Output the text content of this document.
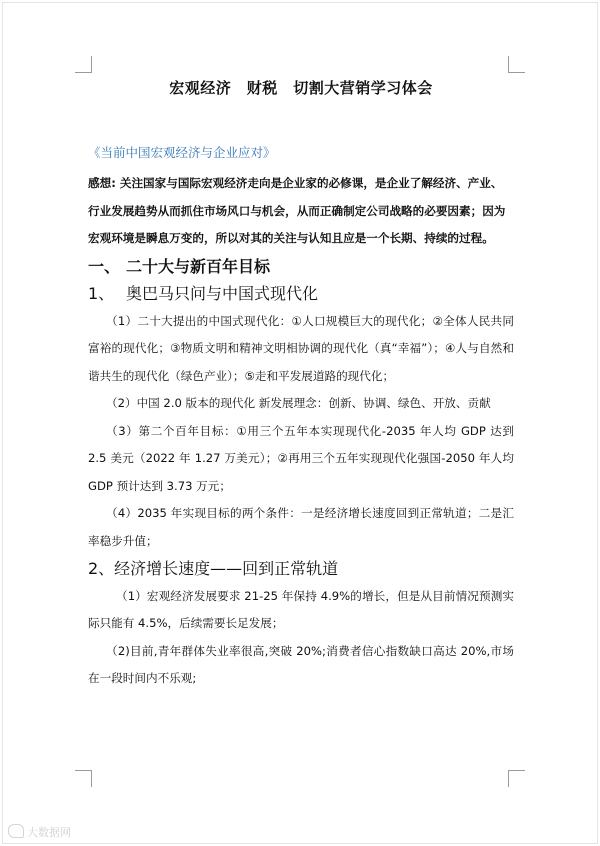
宏观经济　财税　切割大营销学习体会
《当前中国宏观经济与企业应对》

感想: 关注国家与国际宏观经济走向是企业家的必修课，是企业了解经济、产业、行业发展趋势从而抓住市场风口与机会，从而正确制定公司战略的必要因素；因为宏观环境是瞬息万变的，所以对其的关注与认知且应是一个长期、持续的过程。

一、 二十大与新百年目标
1、 奥巴马只问与中国式现代化

（1）二十大提出的中国式现代化：①人口规模巨大的现代化；②全体人民共同富裕的现代化；③物质文明和精神文明相协调的现代化（真“幸福”）；④人与自然和谐共生的现代化（绿色产业）；⑤走和平发展道路的现代化；

（2）中国 2.0 版本的现代化 新发展理念：创新、协调、绿色、开放、贡献

（3）第二个百年目标：①用三个五年本实现现代化-2035 年人均 GDP 达到 2.5 美元（2022 年 1.27 万美元）；②再用三个五年实现现代化强国-2050 年人均 GDP 预计达到 3.73 万元；

（4）2035 年实现目标的两个条件：一是经济增长速度回到正常轨道；二是汇率稳步升值；

2、经济增长速度——回到正常轨道

（1）宏观经济发展要求 21-25 年保持 4.9%的增长，但是从目前情况预测实际只能有 4.5%，后续需要长足发展；

（2)目前,青年群体失业率很高,突破 20%;消费者信心指数缺口高达 20%,市场在一段时间内不乐观;

大数据网
